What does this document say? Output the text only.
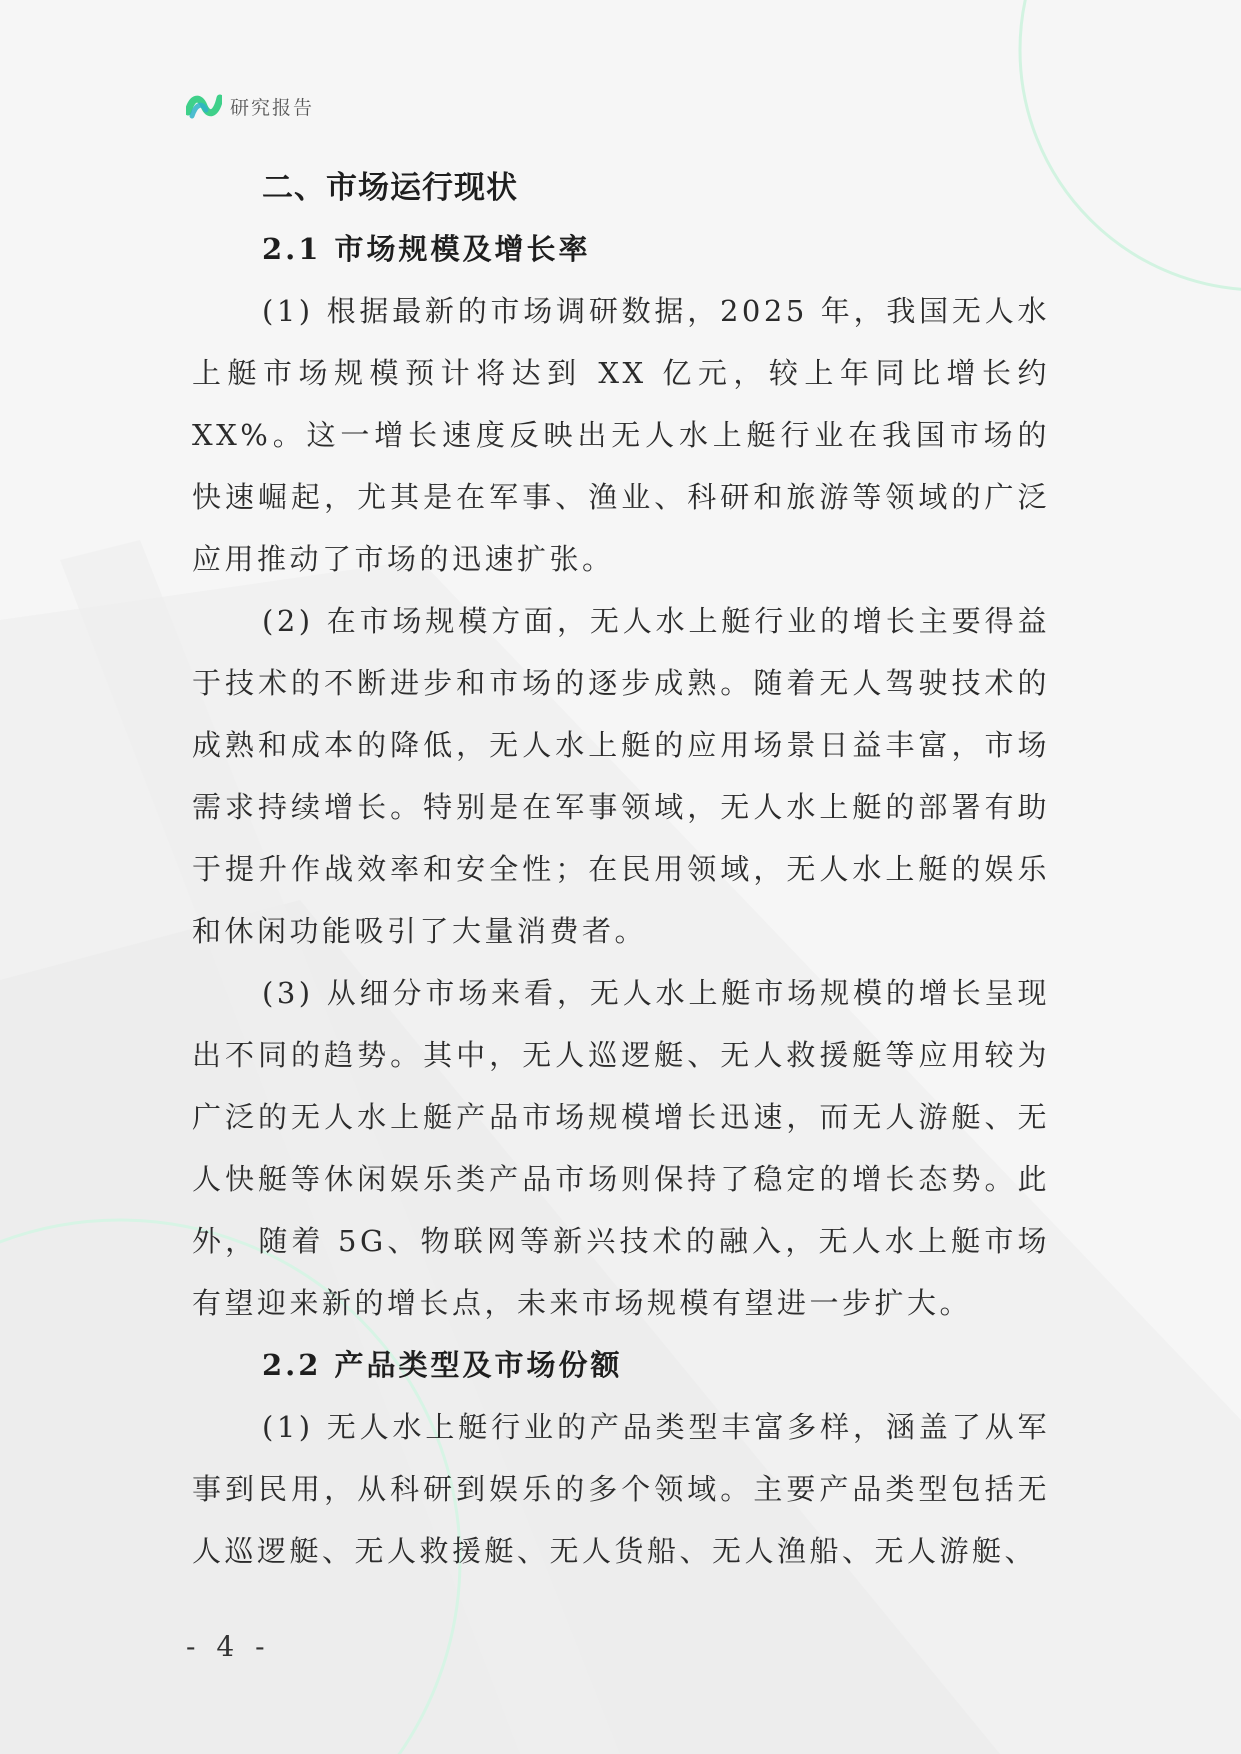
研究报告
二、市场运行现状
2.1 市场规模及增长率

(1) 根据最新的市场调研数据，2025 年，我国无人水上艇市场规模预计将达到 XX 亿元，较上年同比增长约 XX%。这一增长速度反映出无人水上艇行业在我国市场的快速崛起，尤其是在军事、渔业、科研和旅游等领域的广泛应用推动了市场的迅速扩张。

(2) 在市场规模方面，无人水上艇行业的增长主要得益于技术的不断进步和市场的逐步成熟。随着无人驾驶技术的成熟和成本的降低，无人水上艇的应用场景日益丰富，市场需求持续增长。特别是在军事领域，无人水上艇的部署有助于提升作战效率和安全性；在民用领域，无人水上艇的娱乐和休闲功能吸引了大量消费者。

(3) 从细分市场来看，无人水上艇市场规模的增长呈现出不同的趋势。其中，无人巡逻艇、无人救援艇等应用较为广泛的无人水上艇产品市场规模增长迅速，而无人游艇、无人快艇等休闲娱乐类产品市场则保持了稳定的增长态势。此外，随着 5G、物联网等新兴技术的融入，无人水上艇市场有望迎来新的增长点，未来市场规模有望进一步扩大。

2.2 产品类型及市场份额

(1) 无人水上艇行业的产品类型丰富多样，涵盖了从军事到民用，从科研到娱乐的多个领域。主要产品类型包括无人巡逻艇、无人救援艇、无人货船、无人渔船、无人游艇、

- 4 -
